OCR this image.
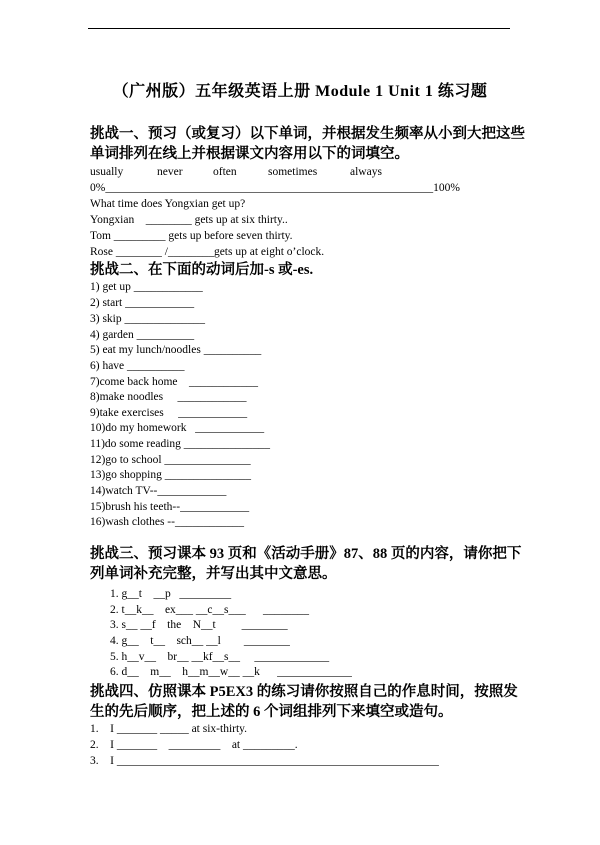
（广州版）五年级英语上册 Module 1 Unit 1 练习题
挑战一、预习（或复习）以下单词，并根据发生频率从小到大把这些
单词排列在线上并根据课文内容用以下的词填空。
usually	never	often	sometimes	always
0%_________________________________________________________100%
What time does Yongxian get up?
Yongxian    ________ gets up at six thirty..
Tom _________ gets up before seven thirty.
Rose ________ /________gets up at eight o’clock.
挑战二、在下面的动词后加-s 或-es.
1) get up ____________
2) start ____________
3) skip ______________
4) garden __________
5) eat my lunch/noodles __________
6) have __________
7)come back home    ____________
8)make noodles     ____________
9)take exercises     ____________
10)do my homework   ____________
11)do some reading _______________
12)go to school _______________
13)go shopping _______________
14)watch TV--____________
15)brush his teeth--____________
16)wash clothes --____________
挑战三、预习课本 93 页和《活动手册》87、88 页的内容，请你把下
列单词补充完整，并写出其中文意思。
1. g__t    __p   _________
2. t__k__    ex___ __c__s___      ________
3. s__ __f    the    N__t         ________
4. g__    t__    sch__ __l        ________
5. h__v__    br__ __kf__s__     _____________
6. d__    m__    h__m__w__ __k      _____________
挑战四、仿照课本 P5EX3 的练习请你按照自己的作息时间，按照发
生的先后顺序，把上述的 6 个词组排列下来填空或造句。
1.    I _______ _____ at six-thirty.
2.    I _______    _________    at _________.
3.    I ________________________________________________________
